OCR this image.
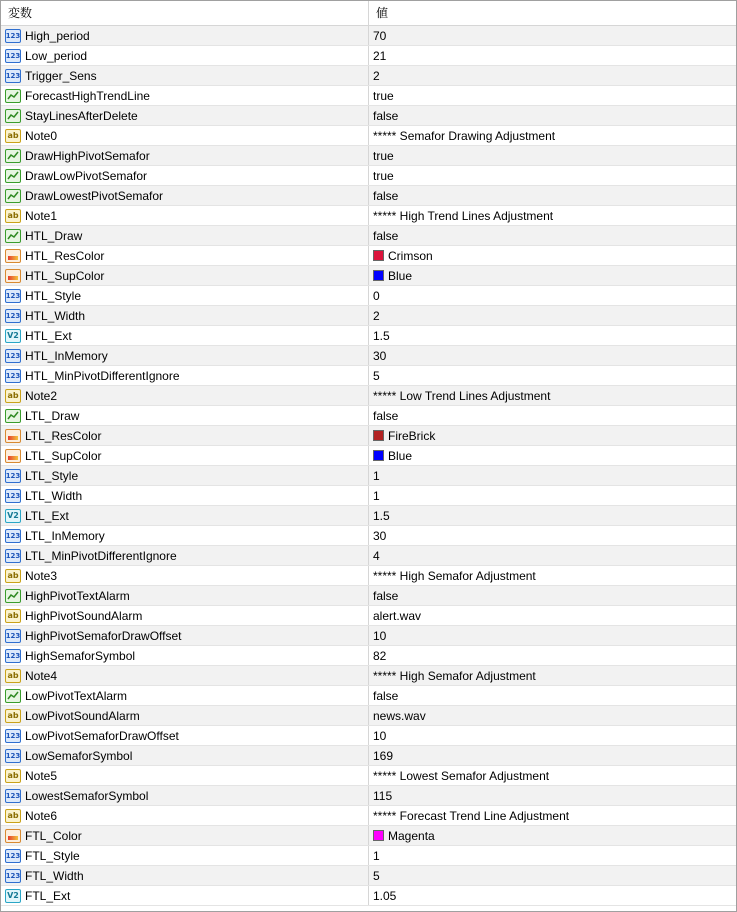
変数	値
123 High_period	70
123 Low_period	21
123 Trigger_Sens	2
ForecastHighTrendLine	true
StayLinesAfterDelete	false
ab Note0	***** Semafor Drawing Adjustment
DrawHighPivotSemafor	true
DrawLowPivotSemafor	true
DrawLowestPivotSemafor	false
ab Note1	***** High Trend Lines Adjustment
HTL_Draw	false
HTL_ResColor	Crimson
HTL_SupColor	Blue
123 HTL_Style	0
123 HTL_Width	2
V2 HTL_Ext	1.5
123 HTL_InMemory	30
123 HTL_MinPivotDifferentIgnore	5
ab Note2	***** Low Trend Lines Adjustment
LTL_Draw	false
LTL_ResColor	FireBrick
LTL_SupColor	Blue
123 LTL_Style	1
123 LTL_Width	1
V2 LTL_Ext	1.5
123 LTL_InMemory	30
123 LTL_MinPivotDifferentIgnore	4
ab Note3	***** High Semafor Adjustment
HighPivotTextAlarm	false
ab HighPivotSoundAlarm	alert.wav
123 HighPivotSemaforDrawOffset	10
123 HighSemaforSymbol	82
ab Note4	***** High Semafor Adjustment
LowPivotTextAlarm	false
ab LowPivotSoundAlarm	news.wav
123 LowPivotSemaforDrawOffset	10
123 LowSemaforSymbol	169
ab Note5	***** Lowest Semafor Adjustment
123 LowestSemaforSymbol	115
ab Note6	***** Forecast Trend Line Adjustment
FTL_Color	Magenta
123 FTL_Style	1
123 FTL_Width	5
V2 FTL_Ext	1.05
